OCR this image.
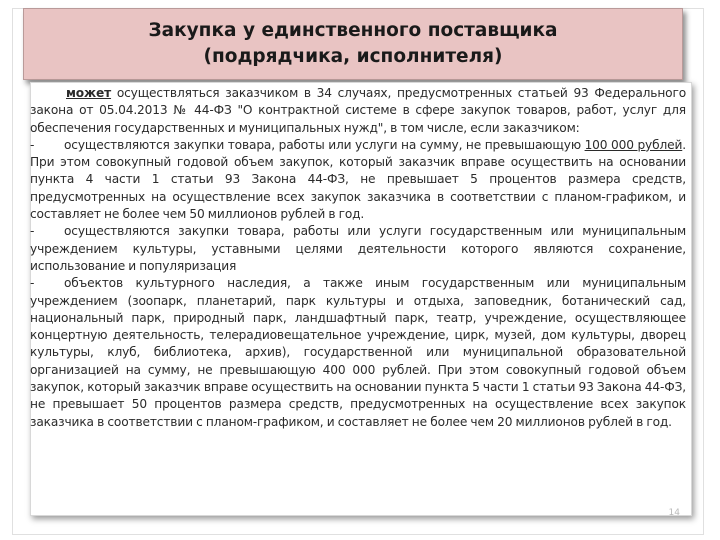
Закупка у единственного поставщика (подрядчика, исполнителя)

может осуществляться заказчиком в 34 случаях, предусмотренных статьей 93 Федерального закона от 05.04.2013 № 44-ФЗ "О контрактной системе в сфере закупок товаров, работ, услуг для обеспечения государственных и муниципальных нужд", в том числе, если заказчиком:

- осуществляются закупки товара, работы или услуги на сумму, не превышающую 100 000 рублей. При этом совокупный годовой объем закупок, который заказчик вправе осуществить на основании пункта 4 части 1 статьи 93 Закона 44-ФЗ, не превышает 5 процентов размера средств, предусмотренных на осуществление всех закупок заказчика в соответствии с планом-графиком, и составляет не более чем 50 миллионов рублей в год.

- осуществляются закупки товара, работы или услуги государственным или муниципальным учреждением культуры, уставными целями деятельности которого являются сохранение, использование и популяризация

- объектов культурного наследия, а также иным государственным или муниципальным учреждением (зоопарк, планетарий, парк культуры и отдыха, заповедник, ботанический сад, национальный парк, природный парк, ландшафтный парк, театр, учреждение, осуществляющее концертную деятельность, телерадиовещательное учреждение, цирк, музей, дом культуры, дворец культуры, клуб, библиотека, архив), государственной или муниципальной образовательной организацией на сумму, не превышающую 400 000 рублей. При этом совокупный годовой объем закупок, который заказчик вправе осуществить на основании пункта 5 части 1 статьи 93 Закона 44-ФЗ, не превышает 50 процентов размера средств, предусмотренных на осуществление всех закупок заказчика в соответствии с планом-графиком, и составляет не более чем 20 миллионов рублей в год.

14
